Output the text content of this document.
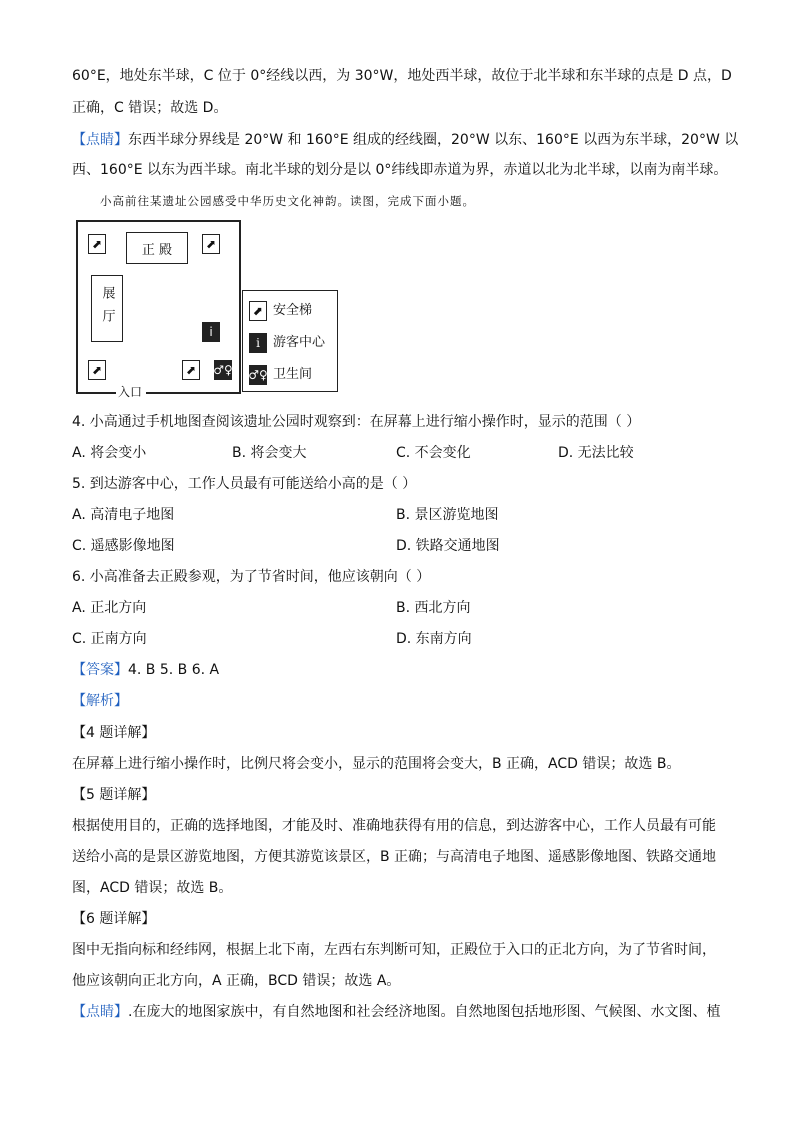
60°E，地处东半球，C 位于 0°经线以西，为 30°W，地处西半球，故位于北半球和东半球的点是 D 点，D
正确，C 错误；故选 D。
【点睛】东西半球分界线是 20°W 和 160°E 组成的经线圈，20°W 以东、160°E 以西为东半球，20°W 以
西、160°E 以东为西半球。南北半球的划分是以 0°纬线即赤道为界，赤道以北为北半球，以南为南半球。
小高前往某遗址公园感受中华历史文化神韵。读图，完成下面小题。
入口
正 殿
展厅
⬈	⬈
⬈	⬈
i
♂♀
⬈ 安全梯
i 游客中心
♂♀ 卫生间
4. 小高通过手机地图查阅该遗址公园时观察到：在屏幕上进行缩小操作时，显示的范围（ ）
A. 将会变小	B. 将会变大	C. 不会变化	D. 无法比较
5. 到达游客中心，工作人员最有可能送给小高的是（ ）
A. 高清电子地图	B. 景区游览地图
C. 遥感影像地图	D. 铁路交通地图
6. 小高准备去正殿参观，为了节省时间，他应该朝向（ ）
A. 正北方向	B. 西北方向
C. 正南方向	D. 东南方向
【答案】4. B 5. B 6. A
【解析】
【4 题详解】
在屏幕上进行缩小操作时，比例尺将会变小，显示的范围将会变大，B 正确，ACD 错误；故选 B。
【5 题详解】
根据使用目的，正确的选择地图，才能及时、准确地获得有用的信息，到达游客中心，工作人员最有可能
送给小高的是景区游览地图，方便其游览该景区，B 正确；与高清电子地图、遥感影像地图、铁路交通地
图，ACD 错误；故选 B。
【6 题详解】
图中无指向标和经纬网，根据上北下南，左西右东判断可知，正殿位于入口的正北方向，为了节省时间，
他应该朝向正北方向，A 正确，BCD 错误；故选 A。
【点睛】.在庞大的地图家族中，有自然地图和社会经济地图。自然地图包括地形图、气候图、水文图、植
